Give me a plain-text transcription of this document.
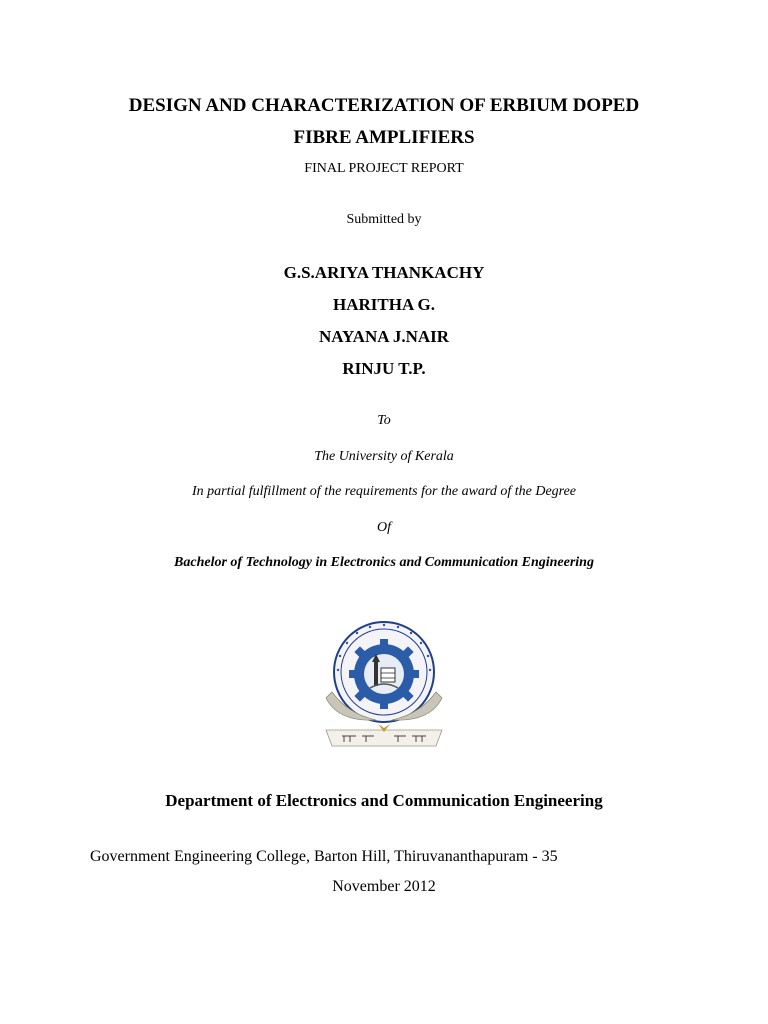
DESIGN AND CHARACTERIZATION OF ERBIUM DOPED
FIBRE AMPLIFIERS
FINAL PROJECT REPORT
Submitted by
G.S.ARIYA THANKACHY
HARITHA G.
NAYANA J.NAIR
RINJU T.P.
To
The University of Kerala
In partial fulfillment of the requirements for the award of the Degree
Of
Bachelor of Technology in Electronics and Communication Engineering
Department of Electronics and Communication Engineering
Government Engineering College, Barton Hill, Thiruvananthapuram - 35
November 2012
